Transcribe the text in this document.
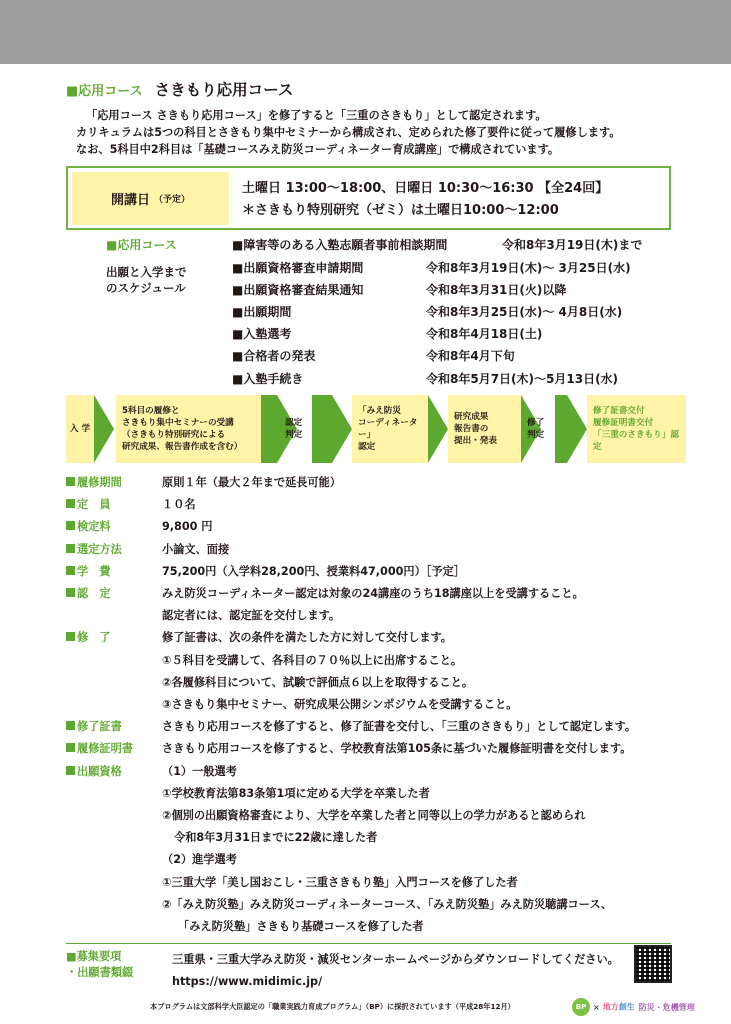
■応用コース さきもり応用コース
「応用コース さきもり応用コース」を修了すると「三重のさきもり」として認定されます。
カリキュラムは5つの科目とさきもり集中セミナーから構成され、定められた修了要件に従って履修します。
なお、5科目中2科目は「基礎コースみえ防災コーディネーター育成講座」で構成されています。
開講日 （予定）
土曜日 13:00〜18:00、日曜日 10:30〜16:30 【全24回】
＊さきもり特別研究（ゼミ）は土曜日10:00〜12:00
■応用コース
出願と入学まで
のスケジュール
■障害等のある入塾志願者事前相談期間	令和8年3月19日(木)まで
■出願資格審査申請期間	令和8年3月19日(木)〜 3月25日(水)
■出願資格審査結果通知	令和8年3月31日(火)以降
■出願期間	令和8年3月25日(水)〜 4月8日(水)
■入塾選考	令和8年4月18日(土)
■合格者の発表	令和8年4月下旬
■入塾手続き	令和8年5月7日(木)〜5月13日(水)
入 学
5科目の履修と
さきもり集中セミナーの受講
（さきもり特別研究による
研究成果、報告書作成を含む）
認定
判定
「みえ防災
コーディネーター」
認定
研究成果
報告書の
提出・発表
修了
判定
修了証書交付
履修証明書交付
「三重のさきもり」認定
履修期間	原則１年（最大２年まで延長可能）
定　員	１０名
検定料	9,800 円
選定方法	小論文、面接
学　費	75,200円（入学料28,200円、授業料47,000円）［予定］
認　定	みえ防災コーディネーター認定は対象の24講座のうち18講座以上を受講すること。
認定者には、認定証を交付します。
修　了	修了証書は、次の条件を満たした方に対して交付します。
①５科目を受講して、各科目の７０％以上に出席すること。
②各履修科目について、試験で評価点６以上を取得すること。
③さきもり集中セミナー、研究成果公開シンポジウムを受講すること。
修了証書	さきもり応用コースを修了すると、修了証書を交付し、「三重のさきもり」として認定します。
履修証明書	さきもり応用コースを修了すると、学校教育法第105条に基づいた履修証明書を交付します。
出願資格	（1）一般選考
①学校教育法第83条第1項に定める大学を卒業した者
②個別の出願資格審査により、大学を卒業した者と同等以上の学力があると認められ
令和8年3月31日までに22歳に達した者
（2）進学選考
①三重大学「美し国おこし・三重さきもり塾」入門コースを修了した者
②「みえ防災塾」みえ防災コーディネーターコース、「みえ防災塾」みえ防災聴講コース、
「みえ防災塾」さきもり基礎コースを修了した者
■募集要項
・出願書類綴
三重県・三重大学みえ防災・減災センターホームページからダウンロードしてください。
https://www.midimic.jp/
本プログラムは文部科学大臣認定の「職業実践力育成プログラム」（BP）に採択されています（平成28年12月）	BP × 地方創生 防災・危機管理
